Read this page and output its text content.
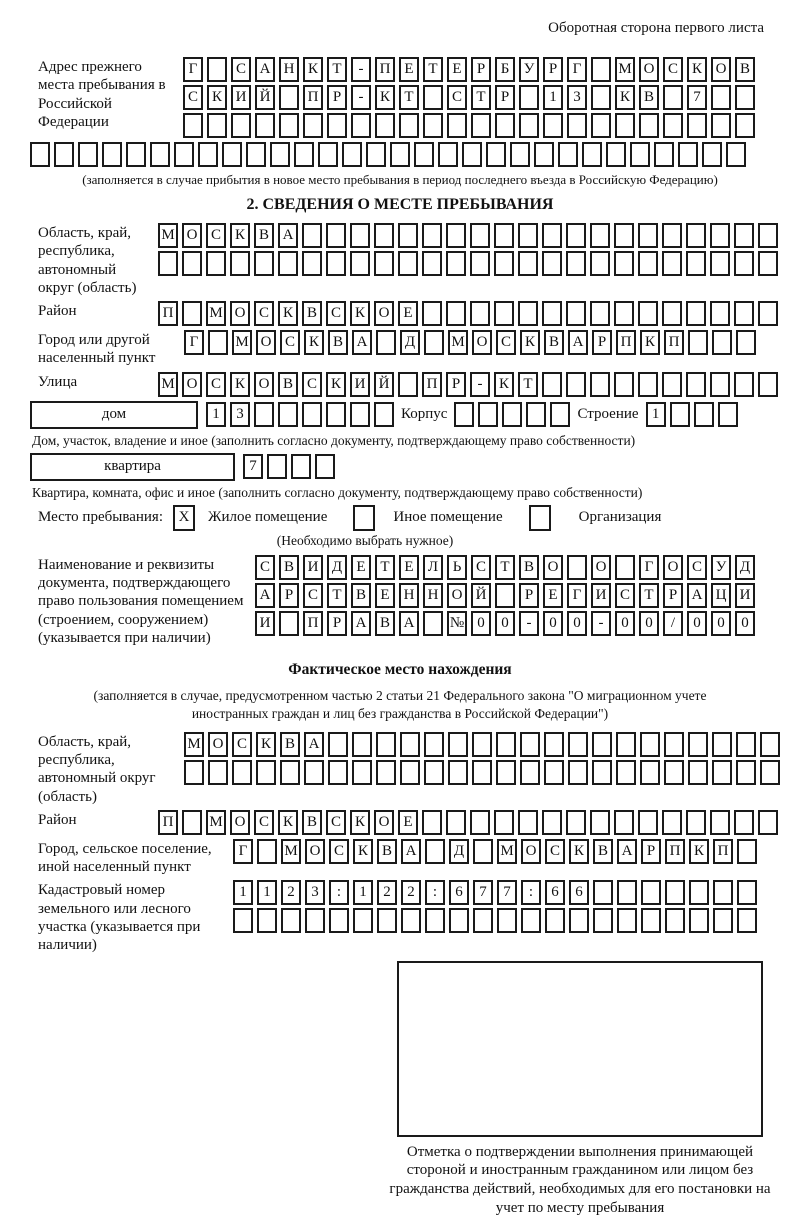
Оборотная сторона первого листа
Адрес прежнего места пребывания в Российской Федерации
Г	С А Н К Т	-	П Е Т Е	Р	Б У Р	Г	М О С К О В
С К И Й	П Р	-	К Т	С Т	Р	1	3	К В	7
(заполняется в случае прибытия в новое место пребывания в период последнего въезда в Российскую Федерацию)
2. СВЕДЕНИЯ О МЕСТЕ ПРЕБЫВАНИЯ
Область, край, республика, автономный округ (область)
М О С К В А
Район	П	М О С К В С К О Е
Город или другой населенный пункт
Г	М О С К В А	Д	М О С К В А Р П К П
Улица	М О С К О В С К И Й	П Р	-	К Т
дом	1	3	Корпус	Строение 1
Дом, участок, владение и иное (заполнить согласно документу, подтверждающему право собственности)
квартира	7
Квартира, комната, офис и иное (заполнить согласно документу, подтверждающему право собственности)
Место пребывания:	X	Жилое помещение	Иное помещение	Организация
(Необходимо выбрать нужное)
Наименование и реквизиты документа, подтверждающего право пользования помещением (строением, сооружением) (указывается при наличии)
С В И Д Е Т Е Л Ь С Т В О	О	Г О С У Д
А Р С Т В Е Н Н О Й	Р	Е	Г И С Т	Р А Ц И
И	П Р А В А	№ 0	0	-	0	0	-	0	0	/	0	0	0
Фактическое место нахождения
(заполняется в случае, предусмотренном частью 2 статьи 21 Федерального закона "О миграционном учете иностранных граждан и лиц без гражданства в Российской Федерации")
Область, край, республика, автономный округ (область)
М О С К В А
Район	П	М О С К В С К О Е
Город, сельское поселение, иной населенный пункт
Г	М О С К В А	Д	М О С К В А Р П К П
Кадастровый номер земельного или лесного участка (указывается при наличии)
1	1	2	3	:	1	2	2	:	6	7	7	:	6	6
Отметка о подтверждении выполнения принимающей стороной и иностранным гражданином или лицом без гражданства действий, необходимых для его постановки на учет по месту пребывания
